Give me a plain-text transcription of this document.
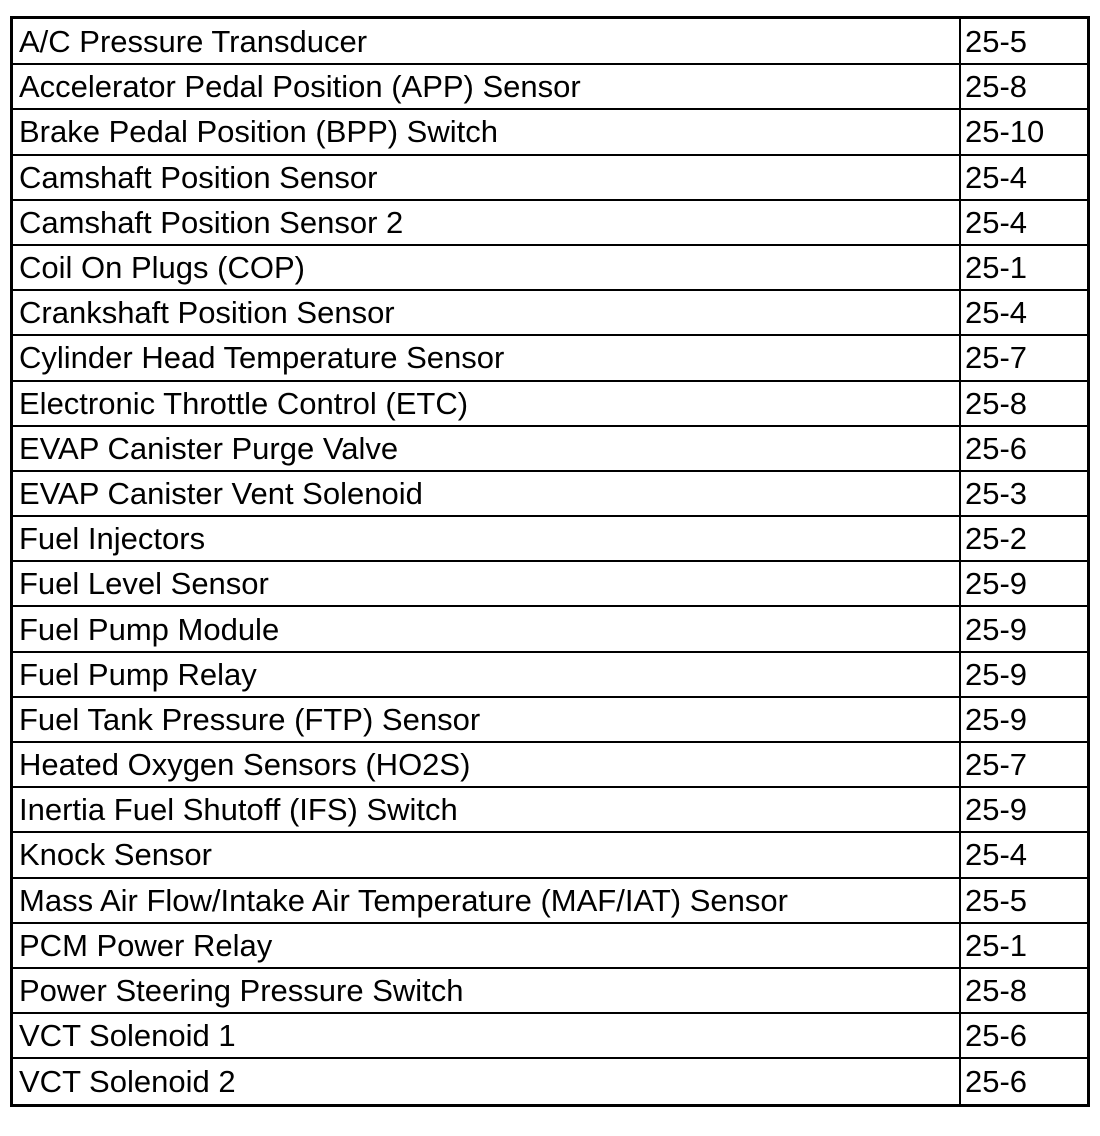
A/C Pressure Transducer	25-5
Accelerator Pedal Position (APP) Sensor	25-8
Brake Pedal Position (BPP) Switch	25-10
Camshaft Position Sensor	25-4
Camshaft Position Sensor 2	25-4
Coil On Plugs (COP)	25-1
Crankshaft Position Sensor	25-4
Cylinder Head Temperature Sensor	25-7
Electronic Throttle Control (ETC)	25-8
EVAP Canister Purge Valve	25-6
EVAP Canister Vent Solenoid	25-3
Fuel Injectors	25-2
Fuel Level Sensor	25-9
Fuel Pump Module	25-9
Fuel Pump Relay	25-9
Fuel Tank Pressure (FTP) Sensor	25-9
Heated Oxygen Sensors (HO2S)	25-7
Inertia Fuel Shutoff (IFS) Switch	25-9
Knock Sensor	25-4
Mass Air Flow/Intake Air Temperature (MAF/IAT) Sensor	25-5
PCM Power Relay	25-1
Power Steering Pressure Switch	25-8
VCT Solenoid 1	25-6
VCT Solenoid 2	25-6
